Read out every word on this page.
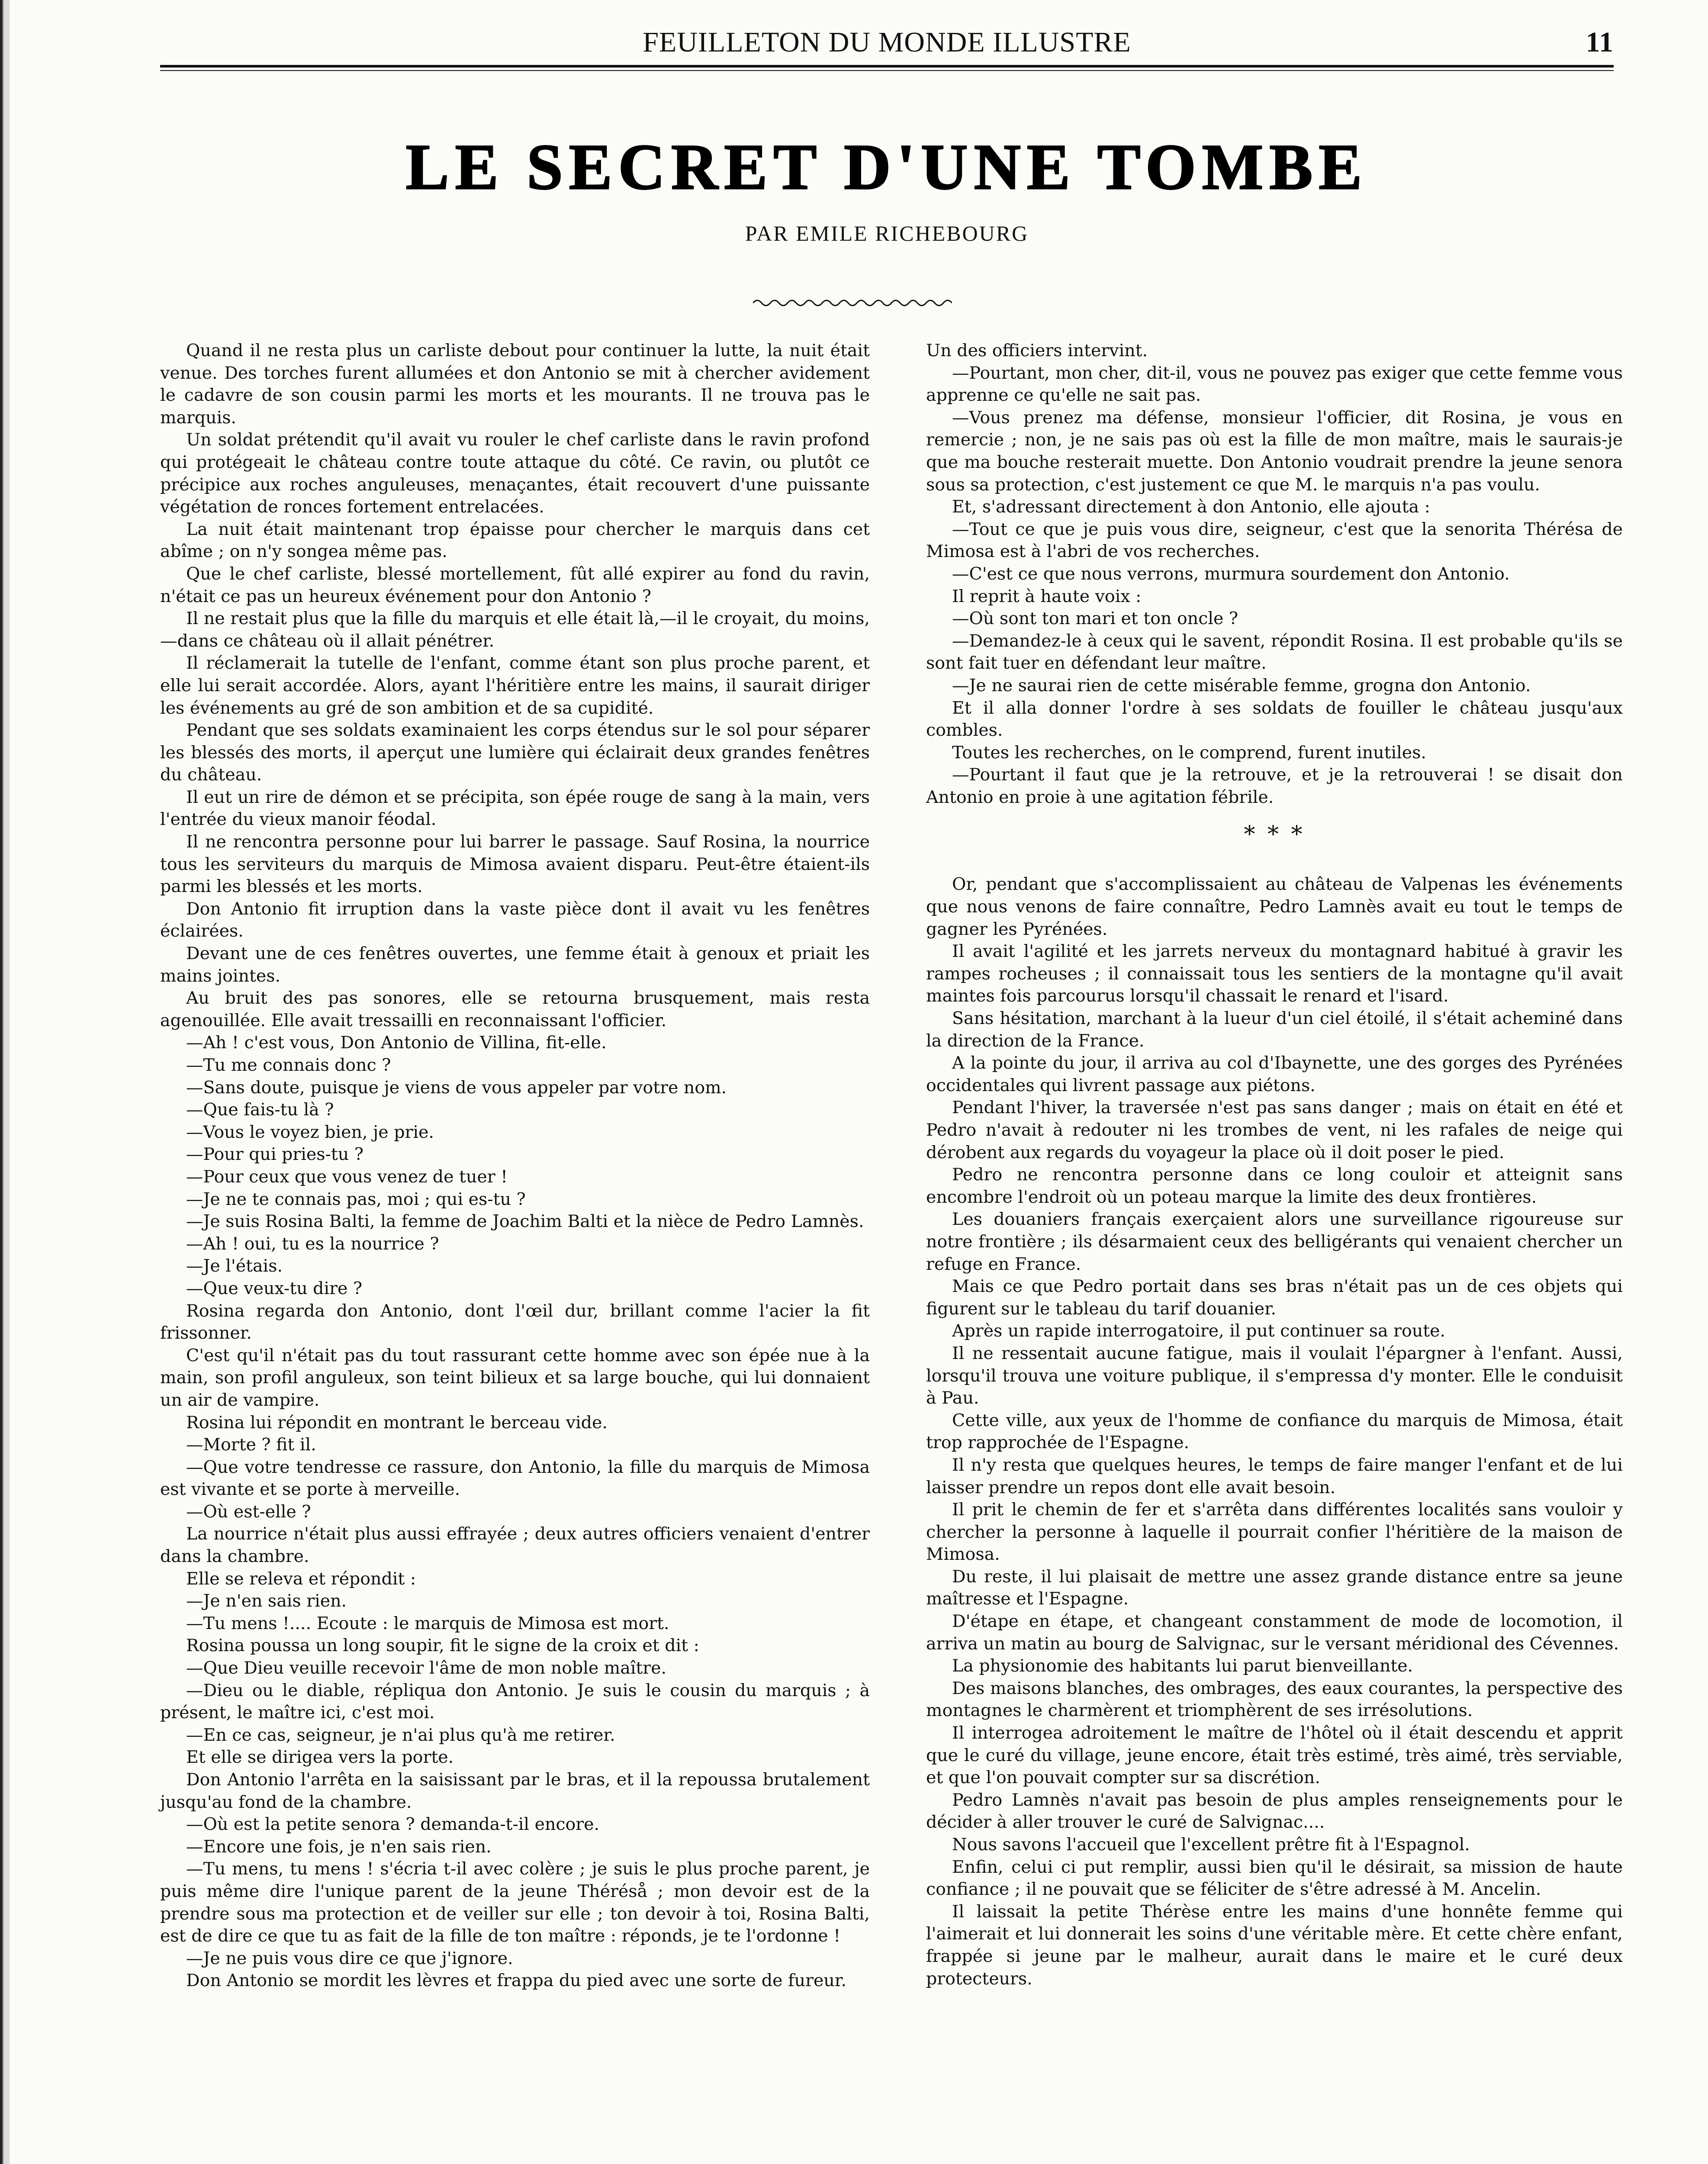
FEUILLETON DU MONDE ILLUSTRE	11
LE SECRET D'UNE TOMBE
PAR EMILE RICHEBOURG

Quand il ne resta plus un carliste debout pour continuer la lutte, la nuit était venue. Des torches furent allumées et don Antonio se mit à chercher avidement le cadavre de son cousin parmi les morts et les mourants. Il ne trouva pas le marquis.

Un soldat prétendit qu'il avait vu rouler le chef carliste dans le ravin profond qui protégeait le château contre toute attaque du côté. Ce ravin, ou plutôt ce précipice aux roches anguleuses, menaçantes, était recouvert d'une puissante végétation de ronces fortement entrelacées.

La nuit était maintenant trop épaisse pour chercher le marquis dans cet abîme ; on n'y songea même pas.

Que le chef carliste, blessé mortellement, fût allé expirer au fond du ravin, n'était ce pas un heureux événement pour don Antonio ?

Il ne restait plus que la fille du marquis et elle était là,—il le croyait, du moins,—dans ce château où il allait pénétrer.

Il réclamerait la tutelle de l'enfant, comme étant son plus proche parent, et elle lui serait accordée. Alors, ayant l'héritière entre les mains, il saurait diriger les événements au gré de son ambition et de sa cupidité.

Pendant que ses soldats examinaient les corps étendus sur le sol pour séparer les blessés des morts, il aperçut une lumière qui éclairait deux grandes fenêtres du château.

Il eut un rire de démon et se précipita, son épée rouge de sang à la main, vers l'entrée du vieux manoir féodal.

Il ne rencontra personne pour lui barrer le passage. Sauf Rosina, la nourrice tous les serviteurs du marquis de Mimosa avaient disparu. Peut-être étaient-ils parmi les blessés et les morts.

Don Antonio fit irruption dans la vaste pièce dont il avait vu les fenêtres éclairées.

Devant une de ces fenêtres ouvertes, une femme était à genoux et priait les mains jointes.

Au bruit des pas sonores, elle se retourna brusquement, mais resta agenouillée. Elle avait tressailli en reconnaissant l'officier.

—Ah ! c'est vous, Don Antonio de Villina, fit-elle.

—Tu me connais donc ?

—Sans doute, puisque je viens de vous appeler par votre nom.

—Que fais-tu là ?

—Vous le voyez bien, je prie.

—Pour qui pries-tu ?

—Pour ceux que vous venez de tuer !

—Je ne te connais pas, moi ; qui es-tu ?

—Je suis Rosina Balti, la femme de Joachim Balti et la nièce de Pedro Lamnès.

—Ah ! oui, tu es la nourrice ?

—Je l'étais.

—Que veux-tu dire ?

Rosina regarda don Antonio, dont l'œil dur, brillant comme l'acier la fit frissonner.

C'est qu'il n'était pas du tout rassurant cette homme avec son épée nue à la main, son profil anguleux, son teint bilieux et sa large bouche, qui lui donnaient un air de vampire.

Rosina lui répondit en montrant le berceau vide.

—Morte ? fit il.

—Que votre tendresse ce rassure, don Antonio, la fille du marquis de Mimosa est vivante et se porte à merveille.

—Où est-elle ?

La nourrice n'était plus aussi effrayée ; deux autres officiers venaient d'entrer dans la chambre.

Elle se releva et répondit :

—Je n'en sais rien.

—Tu mens !.... Ecoute : le marquis de Mimosa est mort.

Rosina poussa un long soupir, fit le signe de la croix et dit :

—Que Dieu veuille recevoir l'âme de mon noble maître.

—Dieu ou le diable, répliqua don Antonio. Je suis le cousin du marquis ; à présent, le maître ici, c'est moi.

—En ce cas, seigneur, je n'ai plus qu'à me retirer.

Et elle se dirigea vers la porte.

Don Antonio l'arrêta en la saisissant par le bras, et il la repoussa brutalement jusqu'au fond de la chambre.

—Où est la petite senora ? demanda-t-il encore.

—Encore une fois, je n'en sais rien.

—Tu mens, tu mens ! s'écria t-il avec colère ; je suis le plus proche parent, je puis même dire l'unique parent de la jeune Théréså ; mon devoir est de la prendre sous ma protection et de veiller sur elle ; ton devoir à toi, Rosina Balti, est de dire ce que tu as fait de la fille de ton maître : réponds, je te l'ordonne !

—Je ne puis vous dire ce que j'ignore.

Don Antonio se mordit les lèvres et frappa du pied avec une sorte de fureur.

Un des officiers intervint.

—Pourtant, mon cher, dit-il, vous ne pouvez pas exiger que cette femme vous apprenne ce qu'elle ne sait pas.

—Vous prenez ma défense, monsieur l'officier, dit Rosina, je vous en remercie ; non, je ne sais pas où est la fille de mon maître, mais le saurais-je que ma bouche resterait muette. Don Antonio voudrait prendre la jeune senora sous sa protection, c'est justement ce que M. le marquis n'a pas voulu.

Et, s'adressant directement à don Antonio, elle ajouta :

—Tout ce que je puis vous dire, seigneur, c'est que la senorita Thérésa de Mimosa est à l'abri de vos recherches.

—C'est ce que nous verrons, murmura sourdement don Antonio.

Il reprit à haute voix :

—Où sont ton mari et ton oncle ?

—Demandez-le à ceux qui le savent, répondit Rosina. Il est probable qu'ils se sont fait tuer en défendant leur maître.

—Je ne saurai rien de cette misérable femme, grogna don Antonio.

Et il alla donner l'ordre à ses soldats de fouiller le château jusqu'aux combles.

Toutes les recherches, on le comprend, furent inutiles.

—Pourtant il faut que je la retrouve, et je la retrouverai ! se disait don Antonio en proie à une agitation fébrile.

* * *

Or, pendant que s'accomplissaient au château de Valpenas les événements que nous venons de faire connaître, Pedro Lamnès avait eu tout le temps de gagner les Pyrénées.

Il avait l'agilité et les jarrets nerveux du montagnard habitué à gravir les rampes rocheuses ; il connaissait tous les sentiers de la montagne qu'il avait maintes fois parcourus lorsqu'il chassait le renard et l'isard.

Sans hésitation, marchant à la lueur d'un ciel étoilé, il s'était acheminé dans la direction de la France.

A la pointe du jour, il arriva au col d'Ibaynette, une des gorges des Pyrénées occidentales qui livrent passage aux piétons.

Pendant l'hiver, la traversée n'est pas sans danger ; mais on était en été et Pedro n'avait à redouter ni les trombes de vent, ni les rafales de neige qui dérobent aux regards du voyageur la place où il doit poser le pied.

Pedro ne rencontra personne dans ce long couloir et atteignit sans encombre l'endroit où un poteau marque la limite des deux frontières.

Les douaniers français exerçaient alors une surveillance rigoureuse sur notre frontière ; ils désarmaient ceux des belligérants qui venaient chercher un refuge en France.

Mais ce que Pedro portait dans ses bras n'était pas un de ces objets qui figurent sur le tableau du tarif douanier.

Après un rapide interrogatoire, il put continuer sa route.

Il ne ressentait aucune fatigue, mais il voulait l'épargner à l'enfant. Aussi, lorsqu'il trouva une voiture publique, il s'empressa d'y monter. Elle le conduisit à Pau.

Cette ville, aux yeux de l'homme de confiance du marquis de Mimosa, était trop rapprochée de l'Espagne.

Il n'y resta que quelques heures, le temps de faire manger l'enfant et de lui laisser prendre un repos dont elle avait besoin.

Il prit le chemin de fer et s'arrêta dans différentes localités sans vouloir y chercher la personne à laquelle il pourrait confier l'héritière de la maison de Mimosa.

Du reste, il lui plaisait de mettre une assez grande distance entre sa jeune maîtresse et l'Espagne.

D'étape en étape, et changeant constamment de mode de locomotion, il arriva un matin au bourg de Salvignac, sur le versant méridional des Cévennes.

La physionomie des habitants lui parut bienveillante.

Des maisons blanches, des ombrages, des eaux courantes, la perspective des montagnes le charmèrent et triomphèrent de ses irrésolutions.

Il interrogea adroitement le maître de l'hôtel où il était descendu et apprit que le curé du village, jeune encore, était très estimé, très aimé, très serviable, et que l'on pouvait compter sur sa discrétion.

Pedro Lamnès n'avait pas besoin de plus amples renseignements pour le décider à aller trouver le curé de Salvignac....

Nous savons l'accueil que l'excellent prêtre fit à l'Espagnol.

Enfin, celui ci put remplir, aussi bien qu'il le désirait, sa mission de haute confiance ; il ne pouvait que se féliciter de s'être adressé à M. Ancelin.

Il laissait la petite Thérèse entre les mains d'une honnête femme qui l'aimerait et lui donnerait les soins d'une véritable mère. Et cette chère enfant, frappée si jeune par le malheur, aurait dans le maire et le curé deux protecteurs.
